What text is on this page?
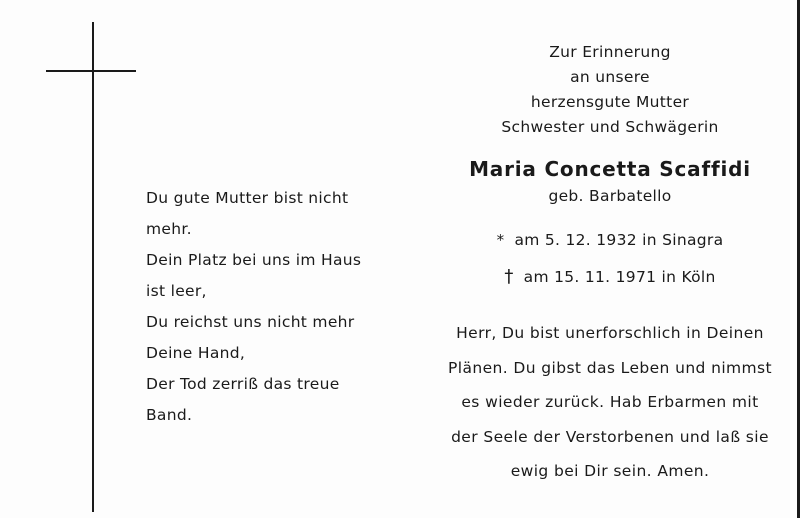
Du gute Mutter bist nicht
mehr.
Dein Platz bei uns im Haus
ist leer,
Du reichst uns nicht mehr
Deine Hand,
Der Tod zerriß das treue
Band.
Zur Erinnerung
an unsere
herzensgute Mutter
Schwester und Schwägerin
Maria Concetta Scaffidi
geb. Barbatello
* am 5. 12. 1932 in Sinagra
† am 15. 11. 1971 in Köln
Herr, Du bist unerforschlich in Deinen
Plänen. Du gibst das Leben und nimmst
es wieder zurück. Hab Erbarmen mit
der Seele der Verstorbenen und laß sie
ewig bei Dir sein. Amen.
